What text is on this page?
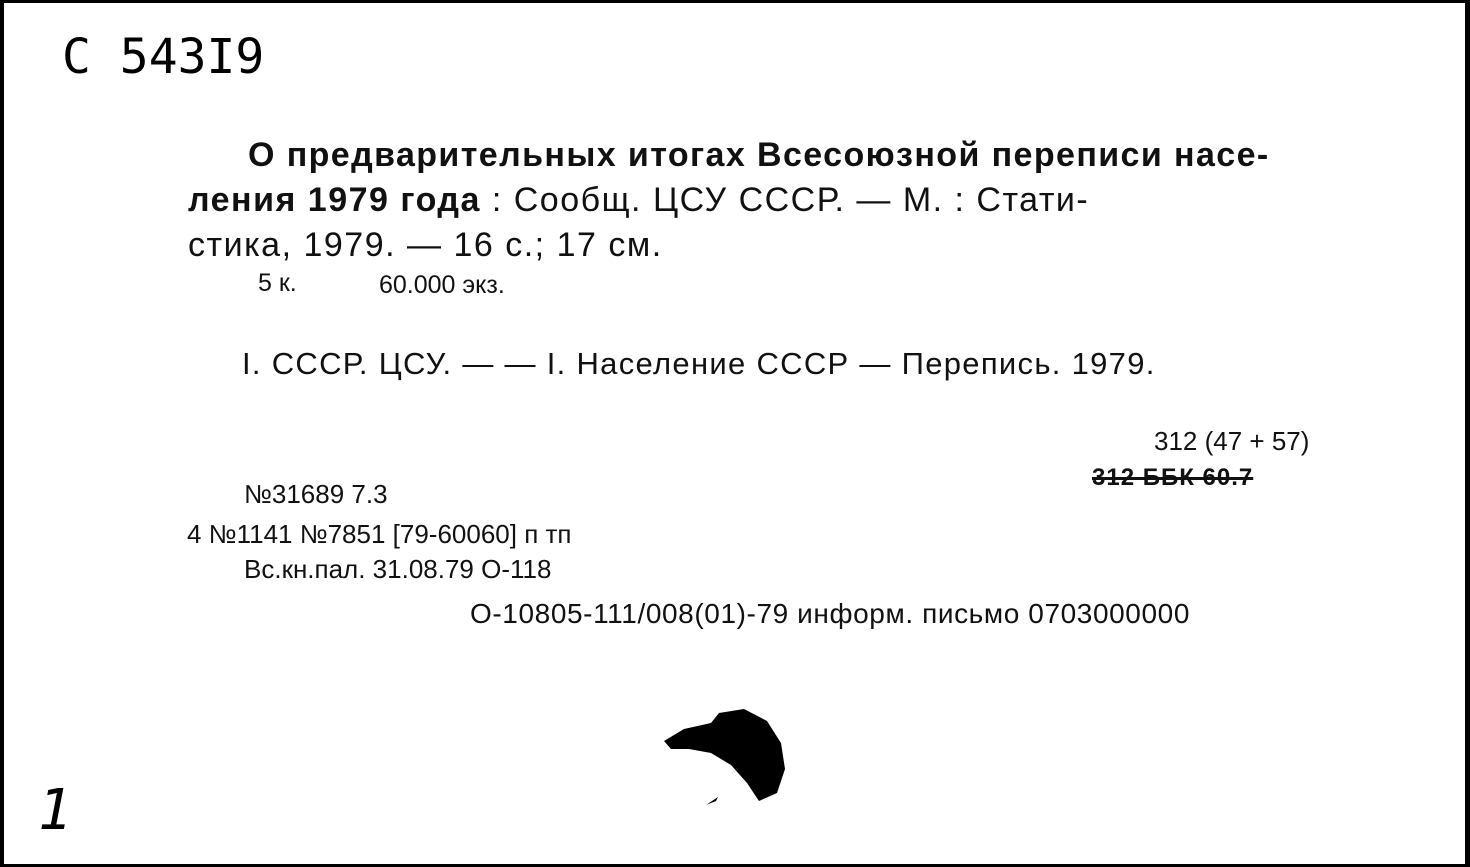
С 543I9
О предварительных итогах Всесоюзной переписи насе-
ления 1979 года : Сообщ. ЦСУ СССР. — М. : Стати-
стика, 1979. — 16 с.; 17 см.
5 к.	60.000 экз.
I. СССР. ЦСУ. — — I. Население СССР — Перепись. 1979.
312 (47 + 57)
312 ББК 60.7
№31689 7.3
4 №1141 №7851 [79-60060] п тп
Вс.кн.пал. 31.08.79 О-118
О-10805-111/008(01)-79 информ. письмо 0703000000
1
